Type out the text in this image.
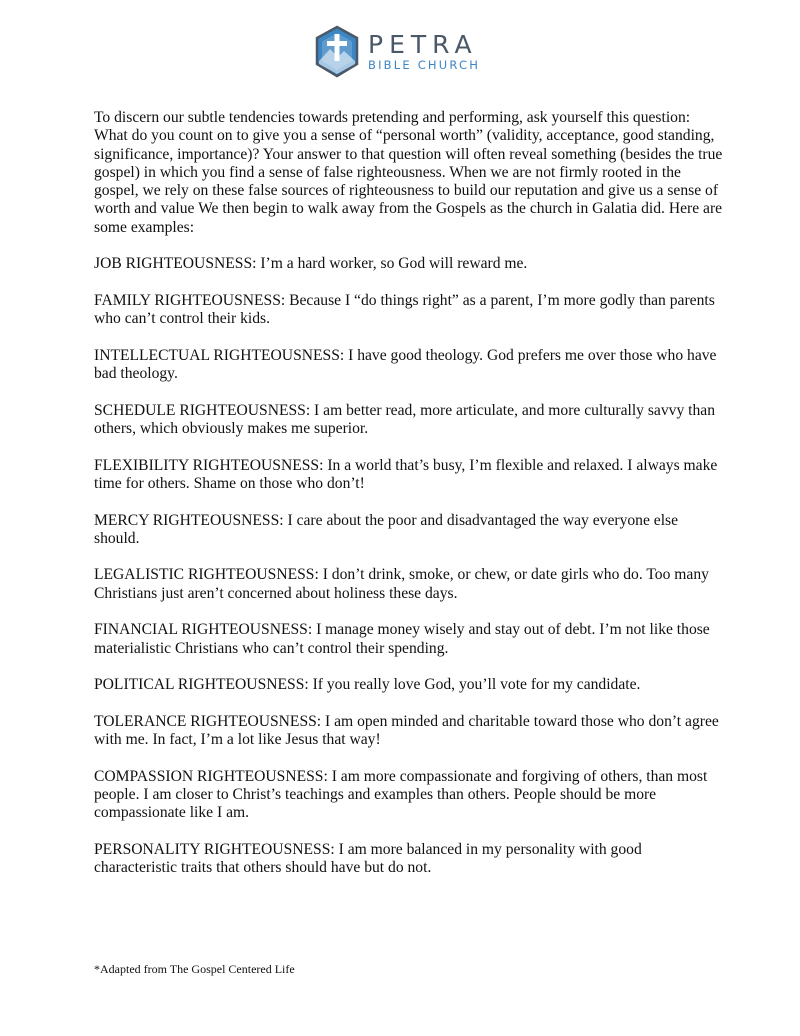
PETRA
BIBLE CHURCH

To discern our subtle tendencies towards pretending and performing, ask yourself this question: What do you count on to give you a sense of “personal worth” (validity, acceptance, good standing, significance, importance)? Your answer to that question will often reveal something (besides the true gospel) in which you find a sense of false righteousness. When we are not firmly rooted in the gospel, we rely on these false sources of righteousness to build our reputation and give us a sense of worth and value We then begin to walk away from the Gospels as the church in Galatia did. Here are some examples:

JOB RIGHTEOUSNESS: I’m a hard worker, so God will reward me.

FAMILY RIGHTEOUSNESS: Because I “do things right” as a parent, I’m more godly than parents who can’t control their kids.

INTELLECTUAL RIGHTEOUSNESS: I have good theology. God prefers me over those who have bad theology.

SCHEDULE RIGHTEOUSNESS: I am better read, more articulate, and more culturally savvy than others, which obviously makes me superior.

FLEXIBILITY RIGHTEOUSNESS: In a world that’s busy, I’m flexible and relaxed. I always make time for others. Shame on those who don’t!

MERCY RIGHTEOUSNESS: I care about the poor and disadvantaged the way everyone else should.

LEGALISTIC RIGHTEOUSNESS: I don’t drink, smoke, or chew, or date girls who do. Too many Christians just aren’t concerned about holiness these days.

FINANCIAL RIGHTEOUSNESS: I manage money wisely and stay out of debt. I’m not like those materialistic Christians who can’t control their spending.

POLITICAL RIGHTEOUSNESS: If you really love God, you’ll vote for my candidate.

TOLERANCE RIGHTEOUSNESS: I am open minded and charitable toward those who don’t agree with me. In fact, I’m a lot like Jesus that way!

COMPASSION RIGHTEOUSNESS: I am more compassionate and forgiving of others, than most people. I am closer to Christ’s teachings and examples than others. People should be more compassionate like I am.

PERSONALITY RIGHTEOUSNESS: I am more balanced in my personality with good characteristic traits that others should have but do not.

*Adapted from The Gospel Centered Life
